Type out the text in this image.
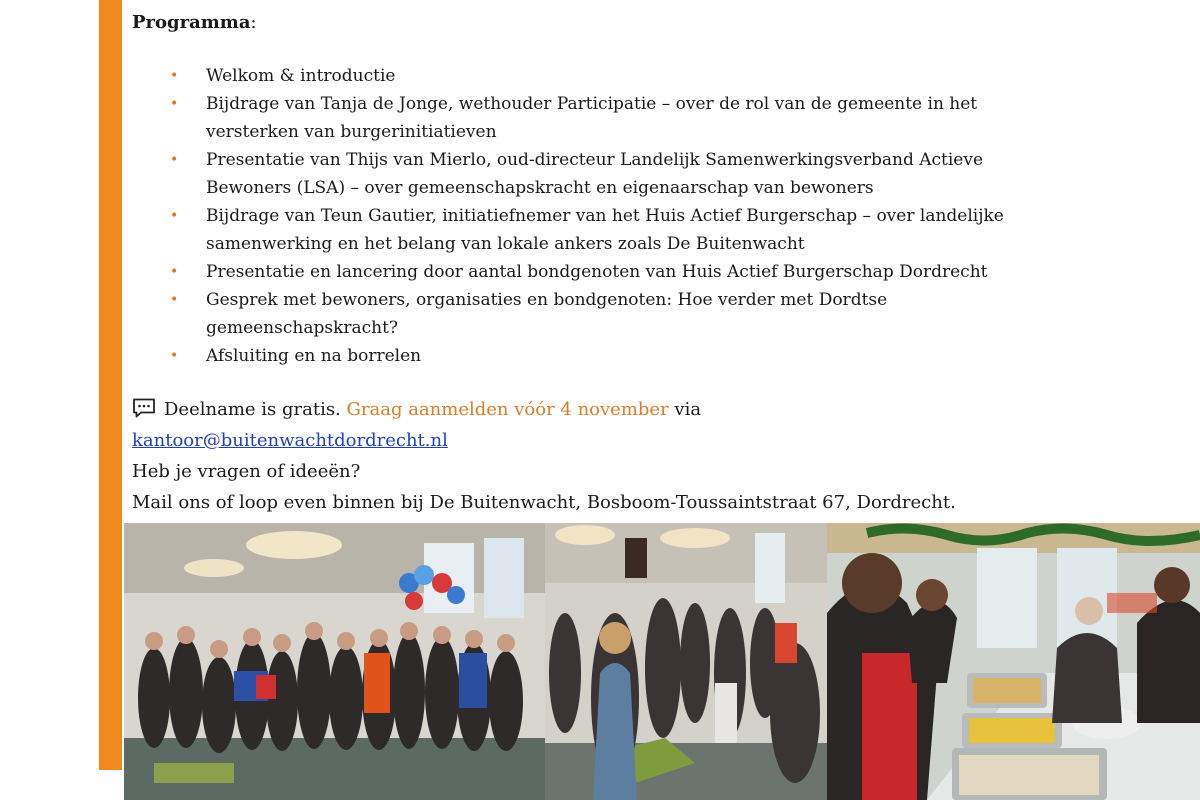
Programma:
• Welkom & introductie
• Bijdrage van Tanja de Jonge, wethouder Participatie – over de rol van de gemeente in het
versterken van burgerinitiatieven
• Presentatie van Thijs van Mierlo, oud-directeur Landelijk Samenwerkingsverband Actieve
Bewoners (LSA) – over gemeenschapskracht en eigenaarschap van bewoners
• Bijdrage van Teun Gautier, initiatiefnemer van het Huis Actief Burgerschap – over landelijke
samenwerking en het belang van lokale ankers zoals De Buitenwacht
• Presentatie en lancering door aantal bondgenoten van Huis Actief Burgerschap Dordrecht
• Gesprek met bewoners, organisaties en bondgenoten: Hoe verder met Dordtse
gemeenschapskracht?
• Afsluiting en na borrelen
Deelname is gratis. Graag aanmelden vóór 4 november via
kantoor@buitenwachtdordrecht.nl
Heb je vragen of ideeën?
Mail ons of loop even binnen bij De Buitenwacht, Bosboom-Toussaintstraat 67, Dordrecht.
